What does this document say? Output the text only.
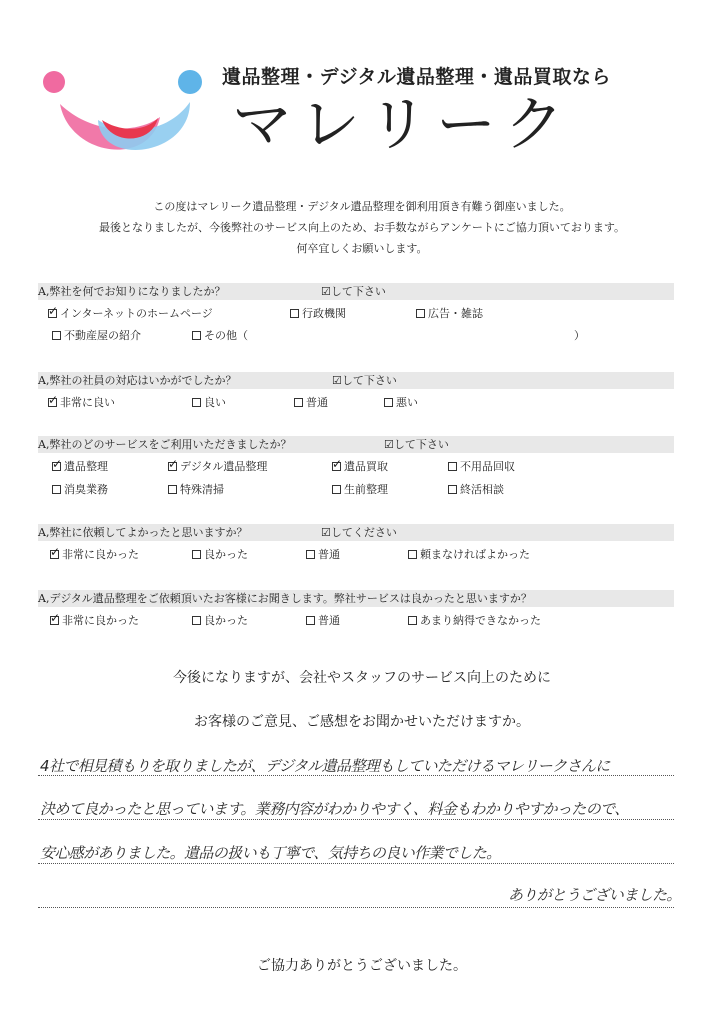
遺品整理・デジタル遺品整理・遺品買取なら
マレリーク
この度はマレリーク遺品整理・デジタル遺品整理を御利用頂き有難う御座いました。
最後となりましたが、今後弊社のサービス向上のため、お手数ながらアンケートにご協力頂いております。
何卒宜しくお願いします。
A,弊社を何でお知りになりましたか？	☑して下さい
✓インターネットのホームページ	行政機関	広告・雑誌
不動産屋の紹介	その他（	）
A,弊社の社員の対応はいかがでしたか？	☑して下さい
✓非常に良い	良い	普通	悪い
A,弊社のどのサービスをご利用いただきましたか？	☑して下さい
✓遺品整理 ✓	デジタル遺品整理 ✓	遺品買取	不用品回収
消臭業務	特殊清掃	生前整理	終活相談
A,弊社に依頼してよかったと思いますか？	☑してください
✓非常に良かった	良かった	普通	頼まなければよかった
A,デジタル遺品整理をご依頼頂いたお客様にお聞きします。弊社サービスは良かったと思いますか？
✓非常に良かった	良かった	普通	あまり納得できなかった
今後になりますが、会社やスタッフのサービス向上のために
お客様のご意見、ご感想をお聞かせいただけますか。
4社で相見積もりを取りましたが、デジタル遺品整理もしていただけるマレリークさんに
決めて良かったと思っています。業務内容がわかりやすく、料金もわかりやすかったので、
安心感がありました。遺品の扱いも丁寧で、気持ちの良い作業でした。
ありがとうございました。
ご協力ありがとうございました。
